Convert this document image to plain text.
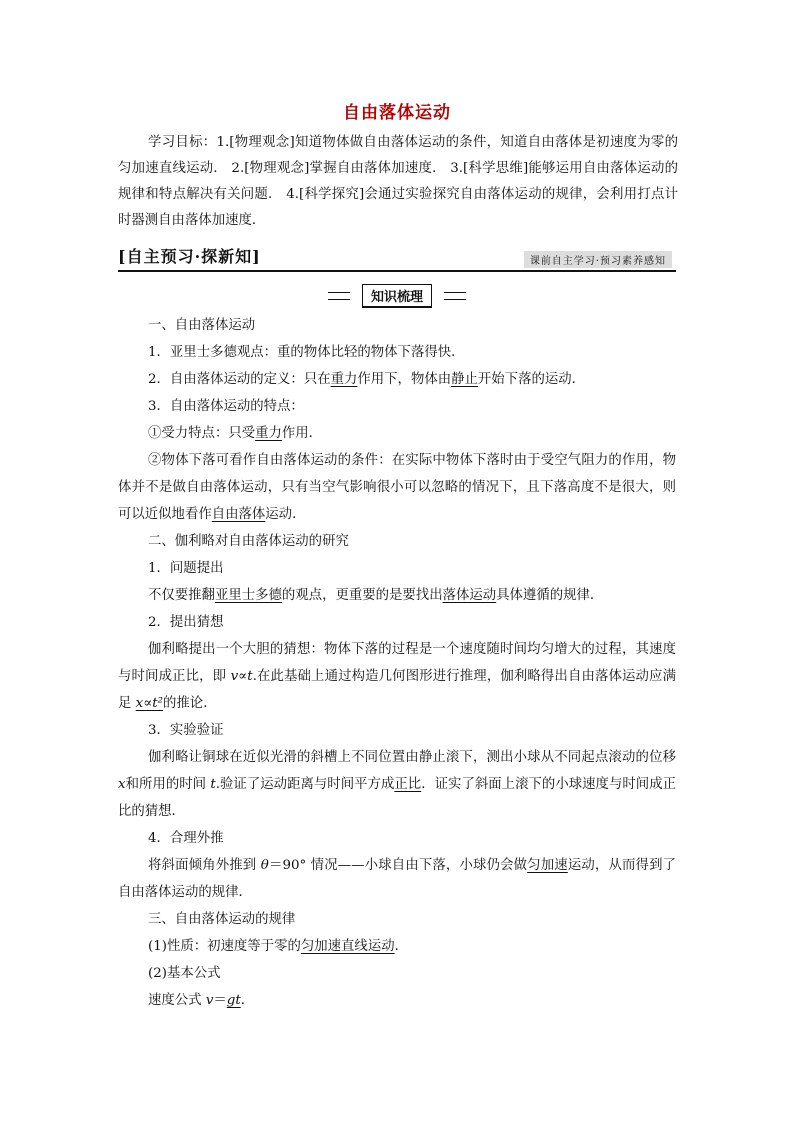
自由落体运动
学习目标：1.[物理观念]知道物体做自由落体运动的条件，知道自由落体是初速度为零的匀加速直线运动． 2.[物理观念]掌握自由落体加速度． 3.[科学思维]能够运用自由落体运动的规律和特点解决有关问题． 4.[科学探究]会通过实验探究自由落体运动的规律，会利用打点计时器测自由落体加速度．
[自主预习·探新知]	课前自主学习·预习素养感知
知识梳理

一、自由落体运动

1．亚里士多德观点：重的物体比轻的物体下落得快．

2．自由落体运动的定义：只在重力作用下，物体由静止开始下落的运动．

3．自由落体运动的特点：

①受力特点：只受重力作用．

②物体下落可看作自由落体运动的条件：在实际中物体下落时由于受空气阻力的作用，物体并不是做自由落体运动，只有当空气影响很小可以忽略的情况下，且下落高度不是很大，则可以近似地看作自由落体运动．

二、伽利略对自由落体运动的研究

1．问题提出

不仅要推翻亚里士多德的观点，更重要的是要找出落体运动具体遵循的规律．

2．提出猜想

伽利略提出一个大胆的猜想：物体下落的过程是一个速度随时间均匀增大的过程，其速度与时间成正比，即 v∝t.在此基础上通过构造几何图形进行推理，伽利略得出自由落体运动应满足 x∝t²的推论．

3．实验验证

伽利略让铜球在近似光滑的斜槽上不同位置由静止滚下，测出小球从不同起点滚动的位移 x和所用的时间 t.验证了运动距离与时间平方成正比．证实了斜面上滚下的小球速度与时间成正比的猜想．

4．合理外推

将斜面倾角外推到 θ＝90° 情况——小球自由下落，小球仍会做匀加速运动，从而得到了自由落体运动的规律．

三、自由落体运动的规律

(1)性质：初速度等于零的匀加速直线运动．

(2)基本公式

速度公式 v＝gt.
